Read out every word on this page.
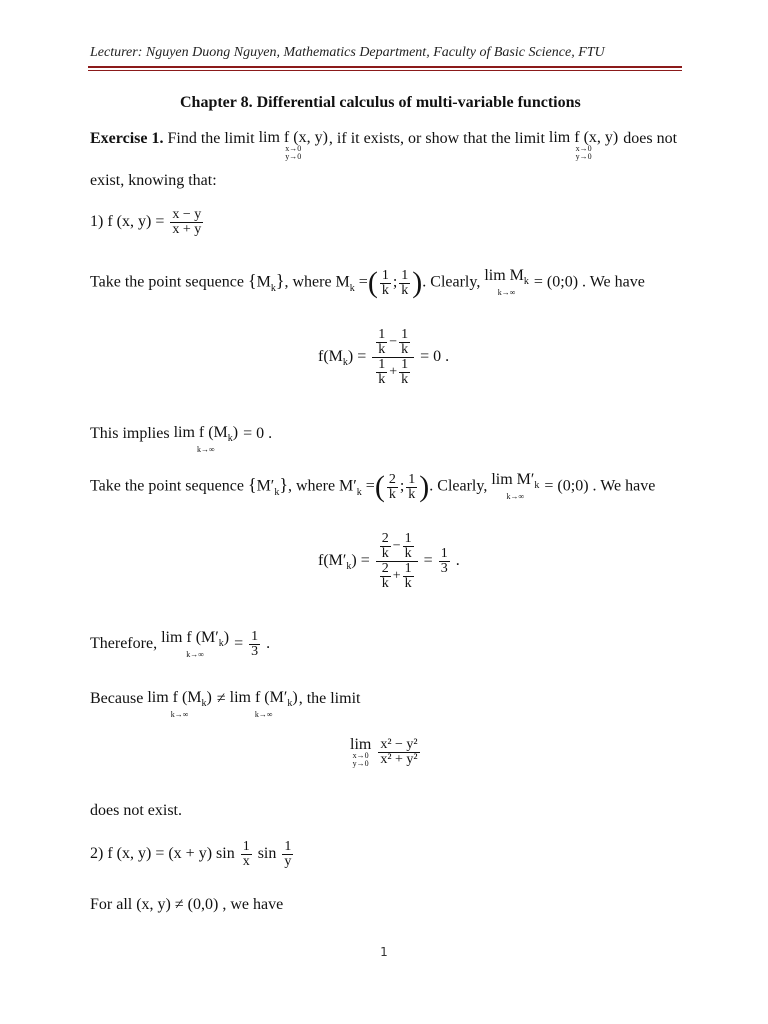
Lecturer: Nguyen Duong Nguyen, Mathematics Department, Faculty of Basic Science, FTU
Chapter 8. Differential calculus of multi-variable functions
Exercise 1. Find the limit lim f (x, y)
x→0
y→0
, if it exists, or show that the limit lim f (x, y)
x→0
y→0
does not
exist, knowing that:
1) f (x, $y) = \frac{x - y}{x + y}$
Take the point sequence $\{M_k\}$, where $M_k$ =( $\frac{1}{k}$ ; $\frac{1}{k}$ ). Clearly, $\lim M_k$
k→∞
= (0;0) . We have
$f(M_k) = \frac{\frac{1}{k} - \frac{1}{k}}{\frac{1}{k} + \frac{1}{k}} = 0$ .
This implies lim f $(M_k)$
k→∞
= 0 .
Take the point sequence $\{M'_k\}$, where $M'_k$ =( $\frac{2}{k}$ ; $\frac{1}{k}$ ). Clearly, $\lim M'_k$
k→∞
= (0;0) . We have
$f(M'_k) = \frac{\frac{2}{k} - \frac{1}{k}}{\frac{2}{k} + \frac{1}{k}} = \frac{1}{3}$ .
Therefore, lim f $(M'_k)$
k→∞
= $\frac{1}{3}$ .
Because lim f $(M_k)$
k→∞
≠ lim f $(M'_k)$
k→∞
, the limit
lim
x→0
y→0
$\frac{\text{x² − y²}}{\text{x² + y²}}$
does not exist.
2) f (x, y) = (x + y) $\sin \frac{1}{x}$ $\sin \frac{1}{y}$
For all (x, y) ≠ (0,0) , we have
1
